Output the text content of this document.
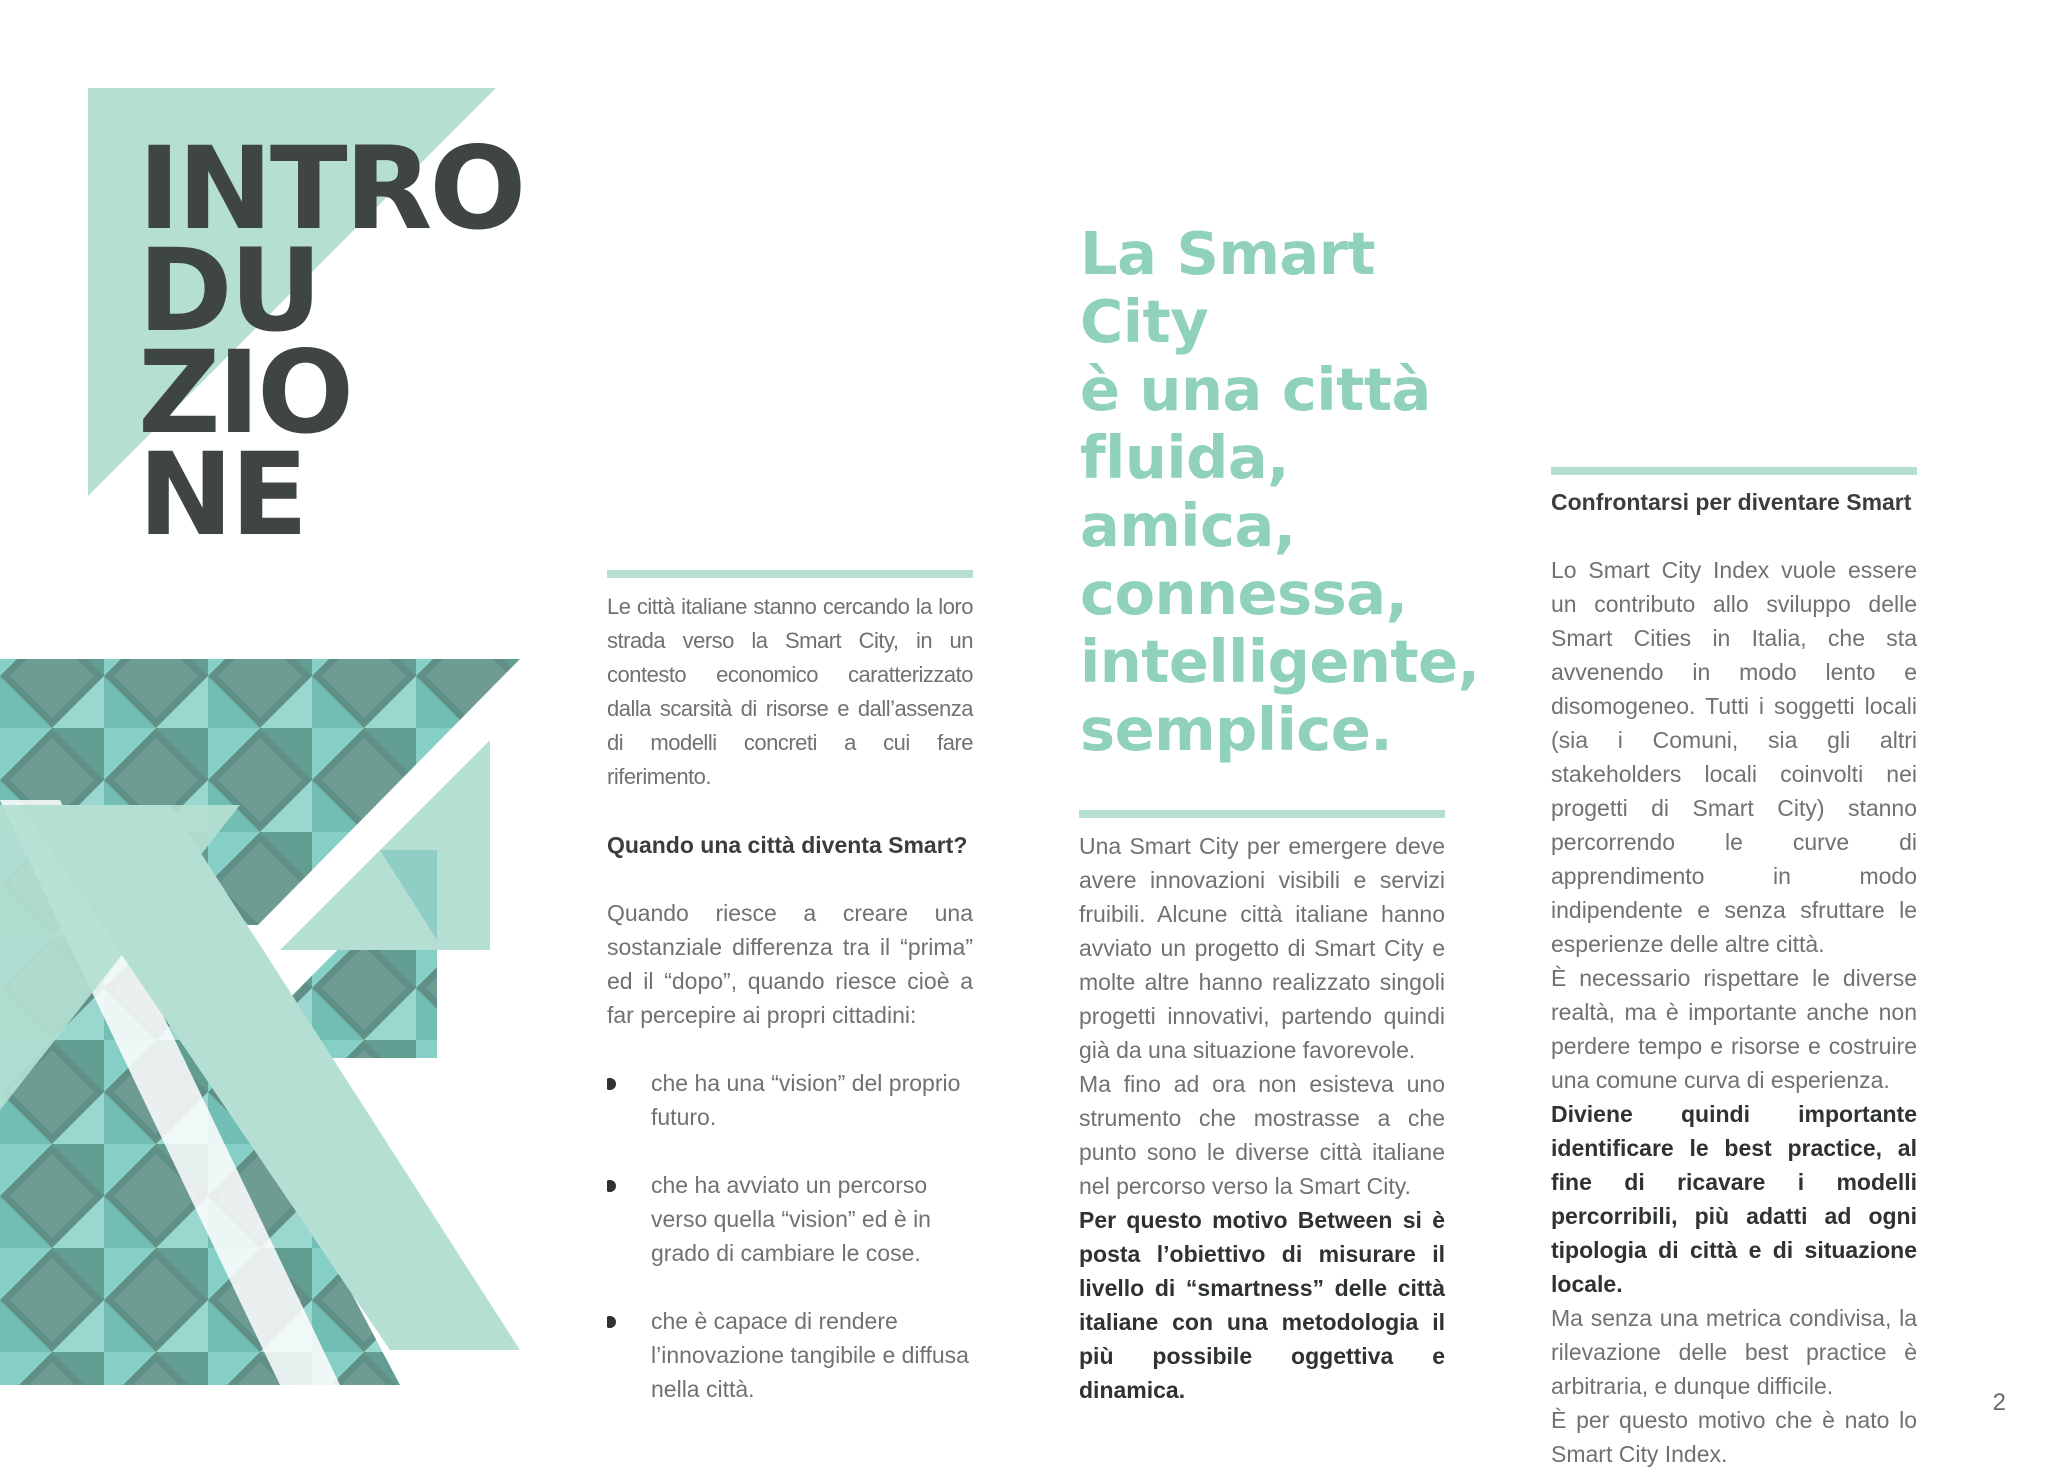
INTRO
DU
ZIO
NE

Le città italiane stanno cercando la loro strada verso la Smart City, in un contesto economico caratterizzato dalla scarsità di risorse e dall’assenza di modelli concreti a cui fare riferimento.

Quando una città diventa Smart?

Quando riesce a creare una sostanziale differenza tra il “prima” ed il “dopo”, quando riesce cioè a far percepire ai propri cittadini:

che ha una “vision” del proprio futuro.
che ha avviato un percorso verso quella “vision” ed è in grado di cambiare le cose.
che è capace di rendere l’innovazione tangibile e diffusa nella città.
La Smart City
è una città
fluida,
amica,
connessa,
intelligente,
semplice.

Una Smart City per emergere deve avere innovazioni visibili e servizi fruibili. Alcune città italiane hanno avviato un progetto di Smart City e molte altre hanno realizzato singoli progetti innovativi, partendo quindi già da una situazione favorevole.

Ma fino ad ora non esisteva uno strumento che mostrasse a che punto sono le diverse città italiane nel percorso verso la Smart City.

Per questo motivo Between si è posta l’obiettivo di misurare il livello di “smartness” delle città italiane con una metodologia il più possibile oggettiva e dinamica.

Confrontarsi per diventare Smart

Lo Smart City Index vuole essere un contributo allo sviluppo delle Smart Cities in Italia, che sta avvenendo in modo lento e disomogeneo. Tutti i soggetti locali (sia i Comuni, sia gli altri stakeholders locali coinvolti nei progetti di Smart City) stanno percorrendo le curve di apprendimento in modo indipendente e senza sfruttare le esperienze delle altre città.

È necessario rispettare le diverse realtà, ma è importante anche non perdere tempo e risorse e costruire una comune curva di esperienza.

Diviene quindi importante identificare le best practice, al fine di ricavare i modelli percorribili, più adatti ad ogni tipologia di città e di situazione locale.

Ma senza una metrica condivisa, la rilevazione delle best practice è arbitraria, e dunque difficile.

È per questo motivo che è nato lo Smart City Index.

2
